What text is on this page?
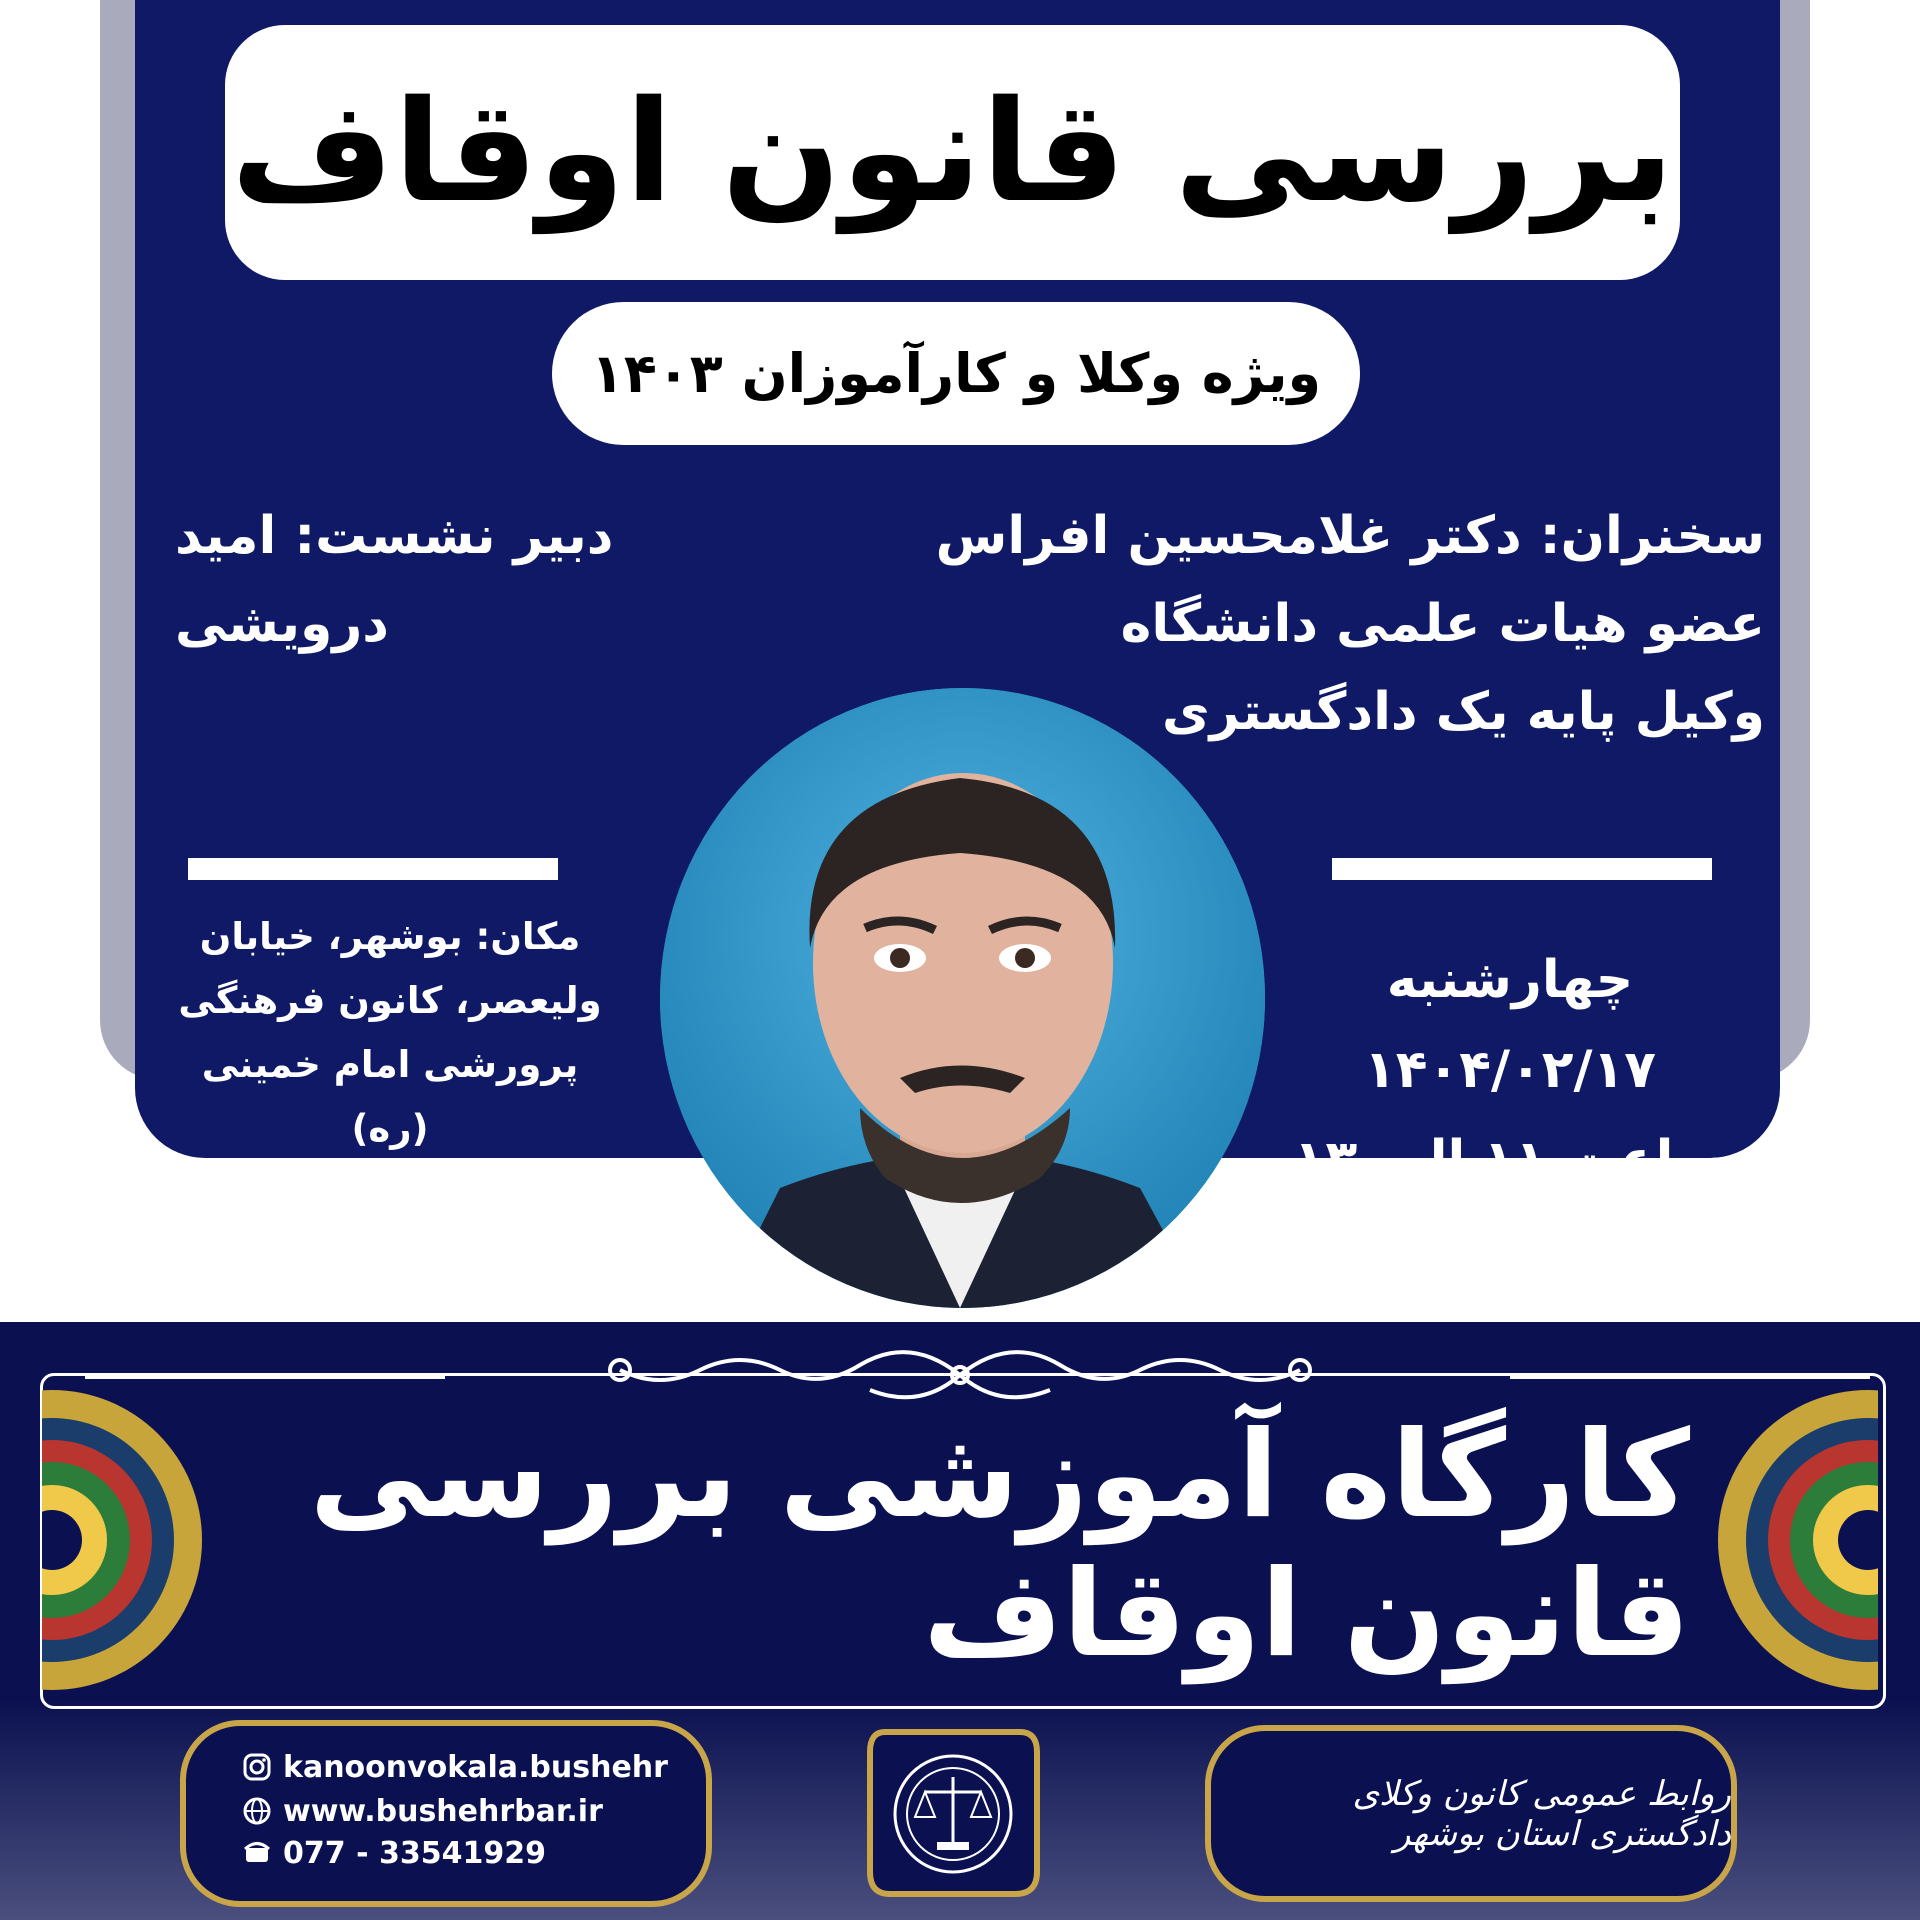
بررسی قانون اوقاف
ویژه وکلا و کارآموزان ۱۴۰۳
سخنران: دکتر غلامحسین افراس
عضو هیات علمی دانشگاه
وکیل پایه یک دادگستری
دبیر نشست: امید درویشی
چهارشنبه ۱۴۰۴/۰۲/۱۷
ساعت ۱۱ الی ۱۳
مکان: بوشهر، خیابان
ولیعصر، کانون فرهنگی
پرورشی امام خمینی (ره)
کارگاه آموزشی بررسی قانون اوقاف
kanoonvokala.bushehr
www.bushehrbar.ir
077 - 33541929
روابط عمومی کانون وکلای دادگستری استان بوشهر
